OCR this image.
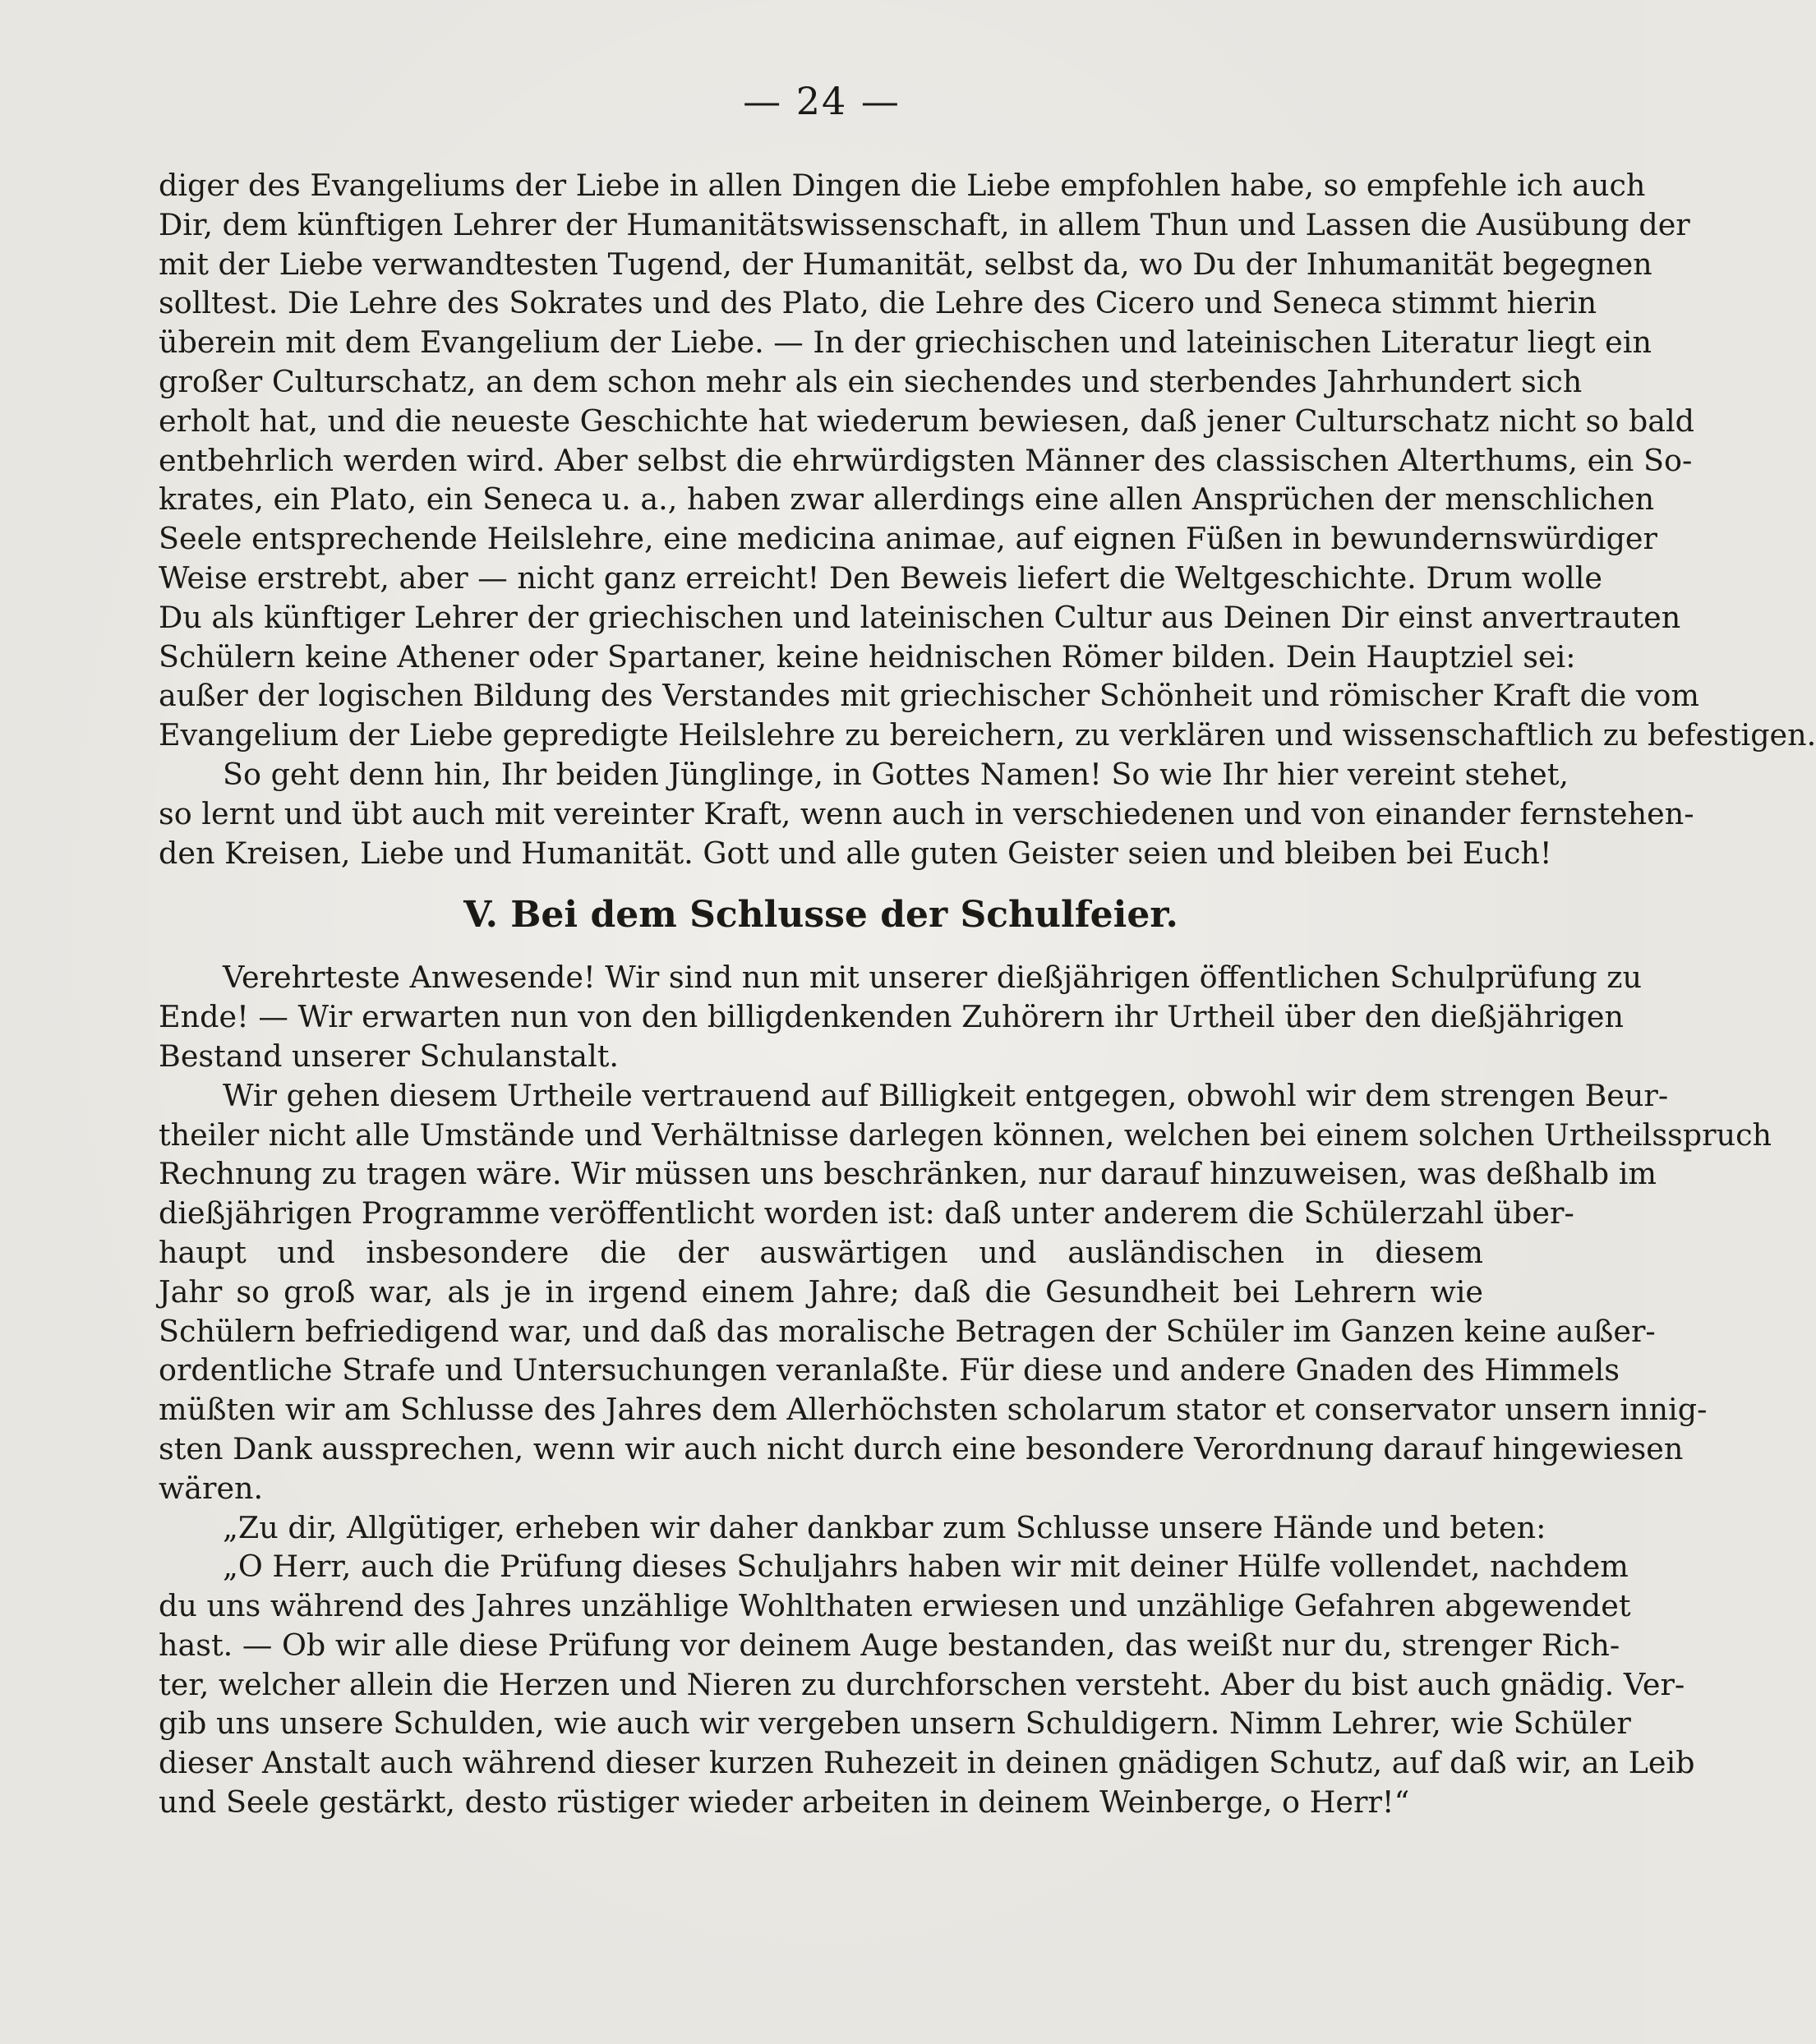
— 24 —
diger des Evangeliums der Liebe in allen Dingen die Liebe empfohlen habe, so empfehle ich auch
Dir, dem künftigen Lehrer der Humanitätswissenschaft, in allem Thun und Lassen die Ausübung der
mit der Liebe verwandtesten Tugend, der Humanität, selbst da, wo Du der Inhumanität begegnen
solltest. Die Lehre des Sokrates und des Plato, die Lehre des Cicero und Seneca stimmt hierin
überein mit dem Evangelium der Liebe. — In der griechischen und lateinischen Literatur liegt ein
großer Culturschatz, an dem schon mehr als ein siechendes und sterbendes Jahrhundert sich
erholt hat, und die neueste Geschichte hat wiederum bewiesen, daß jener Culturschatz nicht so bald
entbehrlich werden wird. Aber selbst die ehrwürdigsten Männer des classischen Alterthums, ein So-
krates, ein Plato, ein Seneca u. a., haben zwar allerdings eine allen Ansprüchen der menschlichen
Seele entsprechende Heilslehre, eine medicina animae, auf eignen Füßen in bewundernswürdiger
Weise erstrebt, aber — nicht ganz erreicht! Den Beweis liefert die Weltgeschichte. Drum wolle
Du als künftiger Lehrer der griechischen und lateinischen Cultur aus Deinen Dir einst anvertrauten
Schülern keine Athener oder Spartaner, keine heidnischen Römer bilden. Dein Hauptziel sei:
außer der logischen Bildung des Verstandes mit griechischer Schönheit und römischer Kraft die vom
Evangelium der Liebe gepredigte Heilslehre zu bereichern, zu verklären und wissenschaftlich zu befestigen.
So geht denn hin, Ihr beiden Jünglinge, in Gottes Namen! So wie Ihr hier vereint stehet,
so lernt und übt auch mit vereinter Kraft, wenn auch in verschiedenen und von einander fernstehen-
den Kreisen, Liebe und Humanität. Gott und alle guten Geister seien und bleiben bei Euch!
V. Bei dem Schlusse der Schulfeier.
Verehrteste Anwesende! Wir sind nun mit unserer dießjährigen öffentlichen Schulprüfung zu
Ende! — Wir erwarten nun von den billigdenkenden Zuhörern ihr Urtheil über den dießjährigen
Bestand unserer Schulanstalt.
Wir gehen diesem Urtheile vertrauend auf Billigkeit entgegen, obwohl wir dem strengen Beur-
theiler nicht alle Umstände und Verhältnisse darlegen können, welchen bei einem solchen Urtheilsspruch
Rechnung zu tragen wäre. Wir müssen uns beschränken, nur darauf hinzuweisen, was deßhalb im
dießjährigen Programme veröffentlicht worden ist: daß unter anderem die Schülerzahl über-
haupt und insbesondere die der auswärtigen und ausländischen in diesem
Jahr so groß war, als je in irgend einem Jahre; daß die Gesundheit bei Lehrern wie
Schülern befriedigend war, und daß das moralische Betragen der Schüler im Ganzen keine außer-
ordentliche Strafe und Untersuchungen veranlaßte. Für diese und andere Gnaden des Himmels
müßten wir am Schlusse des Jahres dem Allerhöchsten scholarum stator et conservator unsern innig-
sten Dank aussprechen, wenn wir auch nicht durch eine besondere Verordnung darauf hingewiesen
wären.
„Zu dir, Allgütiger, erheben wir daher dankbar zum Schlusse unsere Hände und beten:
„O Herr, auch die Prüfung dieses Schuljahrs haben wir mit deiner Hülfe vollendet, nachdem
du uns während des Jahres unzählige Wohlthaten erwiesen und unzählige Gefahren abgewendet
hast. — Ob wir alle diese Prüfung vor deinem Auge bestanden, das weißt nur du, strenger Rich-
ter, welcher allein die Herzen und Nieren zu durchforschen versteht. Aber du bist auch gnädig. Ver-
gib uns unsere Schulden, wie auch wir vergeben unsern Schuldigern. Nimm Lehrer, wie Schüler
dieser Anstalt auch während dieser kurzen Ruhezeit in deinen gnädigen Schutz, auf daß wir, an Leib
und Seele gestärkt, desto rüstiger wieder arbeiten in deinem Weinberge, o Herr!“
